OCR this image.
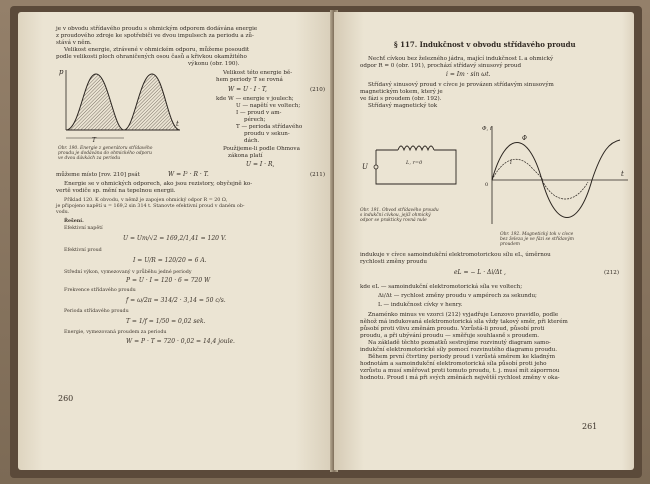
je v obvodu střídavého proudu s ohmickým odporem dodávána energie
z proudového zdroje ke spotřebiči ve dvou impulsech za periodu a zů-
stává v něm.
Velikost energie, ztrávené v ohmickém odporu, můžeme posoudit
podle velikosti ploch ohraničených osou časů a křivkou okamžitého
výkonu (obr. 190).
T
p
t
Obr. 190. Energie z generátoru střídavého
proudu je dodávána do ohmického odporu
ve dvou dávkách za periodu
Velikost této energie bě-
hem periody T se rovná
W = U · I · T,	(210)
kde W — energie v joulech;
U — napětí ve voltech;
I — proud v am-
pérech;
T — perioda střídavého
proudu v sekun-
dách.
Použijeme-li podle Ohmova
zákona platí
U = I · R,
můžeme místo [rov. 210] psát	W = I² · R · T.	(211)
Energie se v ohmických odporech, ako jsou rezistory, obyčejně ko-
vertě vodiče sp. mění na tepelnou energii.
Příklad 120. K obvodu, v němž je zapojen ohmický odpor R = 20 Ω,
je připojeno napětí u = 169,2 sin 314 t. Stanovte efektivní proud v daném ob-
vodu.
Řešení.
Efektivní napětí
U = Um/√2 = 169,2/1,41 = 120 V.
Efektivní proud
I = U/R = 120/20 = 6 A.
Střední výkon, vymezovaný v průběhu jedné periody
P = U · I = 120 · 6 = 720 W
Frekvence střídavého proudu
f = ω/2π = 314/2 · 3,14 = 50 c/s.
Perioda střídavého proudu
T = 1/f = 1/50 = 0,02 sek.
Energie, vymezovaná proudem za periodu
W = P · T = 720 · 0,02 = 14,4 joule.
260
§ 117. Indukčnost v obvodu střídavého proudu
Nechť cívkou bez železného jádra, mající indukčnost L a ohmický
odpor R = 0 (obr. 191), prochází střídavý sinusový proud
i = Im · sin ωt.
Střídavý sinusový proud v cívce je provázen střídavým sinusovým
magnetickým tokem, který je
ve fázi s proudem (obr. 192).
Střídavý magnetický tok
U	L, r=0
Obr. 191. Obvod střídavého proudu
s indukční cívkou, jejíž ohmický
odpor se prakticky rovná nule
Φ, i
t
0
Φ
i
Obr. 192. Magnetický tok v cívce
bez železa je ve fázi se střídavým
proudem
indukuje v cívce samoindukční elektromotorickou sílu eL, úměrnou
rychlosti změny proudu
eL = − L · Δi/Δt ,	(212)
kde eL — samoindukční elektromotorická síla ve voltech;
Δi/Δt — rychlost změny proudu v ampérech za sekundu;
L — indukčnost cívky v henry.
Znaménko minus ve vzorci (212) vyjadřuje Lenzovo pravidlo, podle
něhož má indukovaná elektromotorická síla vždy takový směr, při kterém
působí proti vlivu změnám proudu. Vzrůstá-li proud, působí proti
proudu, a při ubývání proudu — směřuje souhlasně s proudem.
Na základě těchto poznatků sestrojíme rozvinutý diagram samo-
indukční elektromotorické síly pomocí rozvinutého diagramu proudu.
Během první čtvrtiny periody proud i vzrůstá směrem ke kladným
hodnotám a samoindukční elektromotorická síla působí proti jeho
vzrůstu a musí směřovat proti tomuto proudu, t. j. musí mít záporrnou
hodnotu. Proud i má při svých změnách největší rychlost změny v oka-
261
